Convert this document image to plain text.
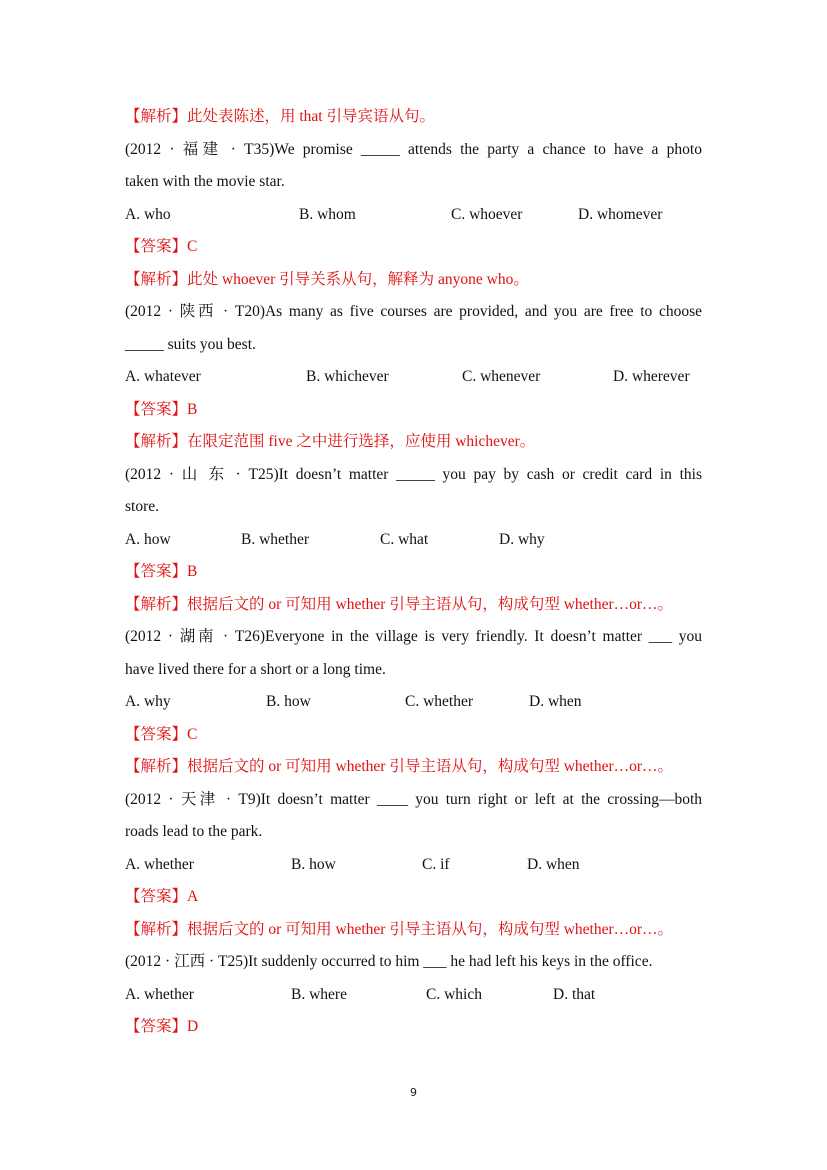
【解析】此处表陈述，用 that 引导宾语从句。
(2012 · 福建 · T35)We promise _____ attends the party a chance to have a photo
taken with the movie star.
A. who	B. whom	C. whoever	D. whomever
【答案】C
【解析】此处 whoever 引导关系从句，解释为 anyone who。
(2012 · 陕西 · T20)As many as five courses are provided, and you are free to choose
_____ suits you best.
A. whatever	B. whichever	C. whenever	D. wherever
【答案】B
【解析】在限定范围 five 之中进行选择，应使用 whichever。
(2012 · 山 东 · T25)It doesn’t matter _____ you pay by cash or credit card in this
store.
A. how	B. whether	C. what	D. why
【答案】B
【解析】根据后文的 or 可知用 whether 引导主语从句，构成句型 whether…or…。
(2012 · 湖南 · T26)Everyone in the village is very friendly. It doesn’t matter ___ you
have lived there for a short or a long time.
A. why	B. how	C. whether	D. when
【答案】C
【解析】根据后文的 or 可知用 whether 引导主语从句，构成句型 whether…or…。
(2012 · 天津 · T9)It doesn’t matter ____ you turn right or left at the crossing—both
roads lead to the park.
A. whether	B. how	C. if	D. when
【答案】A
【解析】根据后文的 or 可知用 whether 引导主语从句，构成句型 whether…or…。
(2012 · 江西 · T25)It suddenly occurred to him ___ he had left his keys in the office.
A. whether	B. where	C. which	D. that
【答案】D
9
